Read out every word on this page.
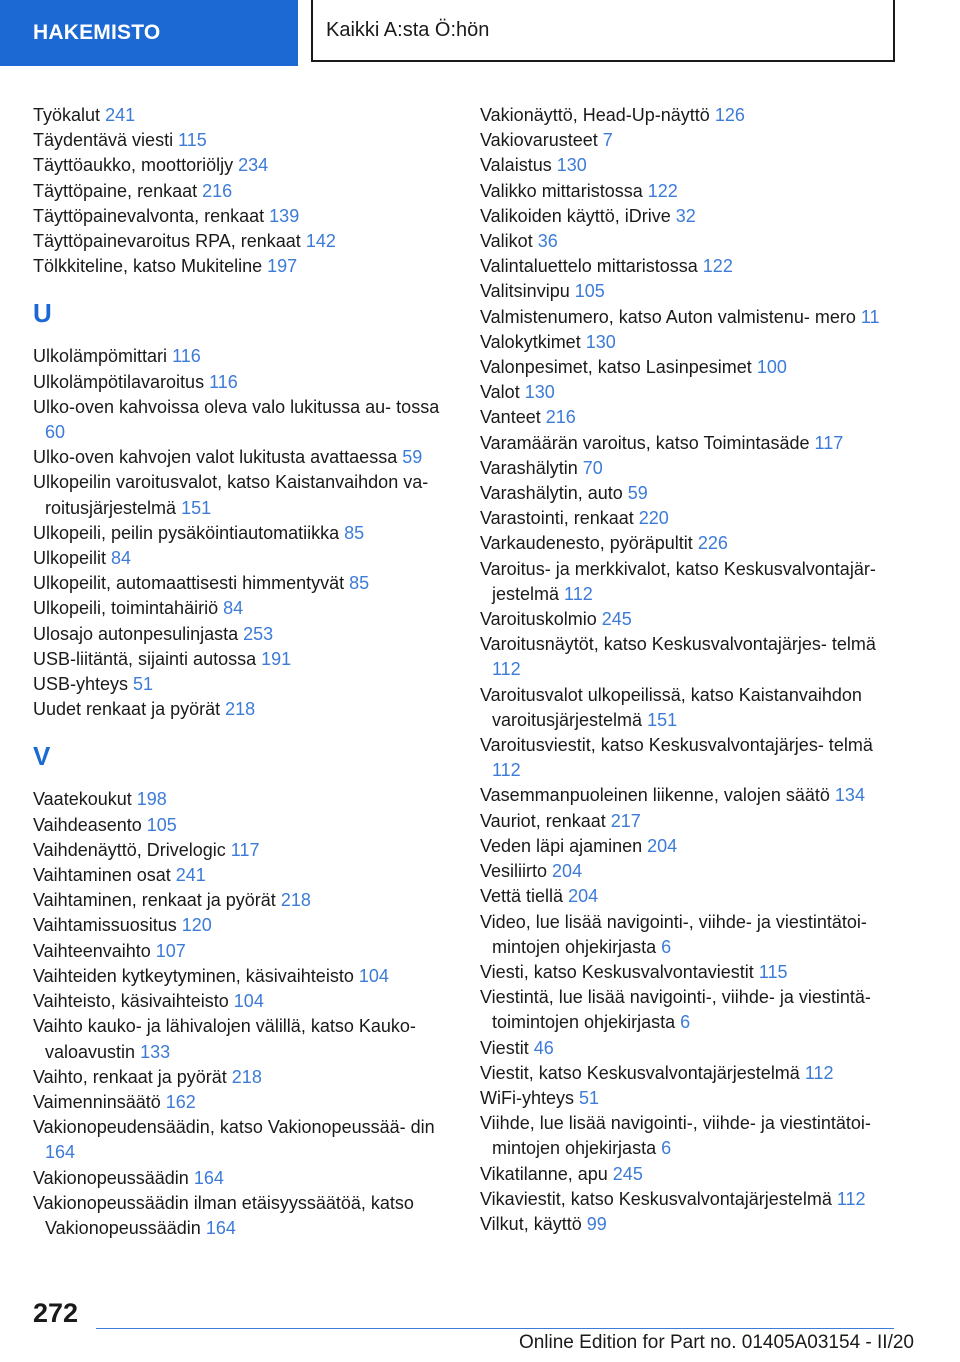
HAKEMISTO	Kaikki A:sta Ö:hön
Työkalut 241
Täydentävä viesti 115
Täyttöaukko, moottoriöljy 234
Täyttöpaine, renkaat 216
Täyttöpainevalvonta, renkaat 139
Täyttöpainevaroitus RPA, renkaat 142
Tölkkiteline, katso Mukiteline 197
U
Ulkolämpömittari 116
Ulkolämpötilavaroitus 116
Ulko‑oven kahvoissa oleva valo lukitussa au‑ tossa 60
Ulko‑oven kahvojen valot lukitusta avattaessa 59
Ulkopeilin varoitusvalot, katso Kaistanvaihdon va‑ roitusjärjestelmä 151
Ulkopeili, peilin pysäköintiautomatiikka 85
Ulkopeilit 84
Ulkopeilit, automaattisesti himmentyvät 85
Ulkopeili, toimintahäiriö 84
Ulosajo autonpesulinjasta 253
USB‑liitäntä, sijainti autossa 191
USB‑yhteys 51
Uudet renkaat ja pyörät 218
V
Vaatekoukut 198
Vaihdeasento 105
Vaihdenäyttö, Drivelogic 117
Vaihtaminen osat 241
Vaihtaminen, renkaat ja pyörät 218
Vaihtamissuositus 120
Vaihteenvaihto 107
Vaihteiden kytkeytyminen, käsivaihteisto 104
Vaihteisto, käsivaihteisto 104
Vaihto kauko‑ ja lähivalojen välillä, katso Kauko‑ valoavustin 133
Vaihto, renkaat ja pyörät 218
Vaimenninsäätö 162
Vakionopeudensäädin, katso Vakionopeussää‑ din 164
Vakionopeussäädin 164
Vakionopeussäädin ilman etäisyyssäätöä, katso Vakionopeussäädin 164
Vakionäyttö, Head‑Up‑näyttö 126
Vakiovarusteet 7
Valaistus 130
Valikko mittaristossa 122
Valikoiden käyttö, iDrive 32
Valikot 36
Valintaluettelo mittaristossa 122
Valitsinvipu 105
Valmistenumero, katso Auton valmistenu‑ mero 11
Valokytkimet 130
Valonpesimet, katso Lasinpesimet 100
Valot 130
Vanteet 216
Varamäärän varoitus, katso Toimintasäde 117
Varashälytin 70
Varashälytin, auto 59
Varastointi, renkaat 220
Varkaudenesto, pyöräpultit 226
Varoitus‑ ja merkkivalot, katso Keskusvalvontajär‑ jestelmä 112
Varoituskolmio 245
Varoitusnäytöt, katso Keskusvalvontajärjes‑ telmä 112
Varoitusvalot ulkopeilissä, katso Kaistanvaihdon varoitusjärjestelmä 151
Varoitusviestit, katso Keskusvalvontajärjes‑ telmä 112
Vasemmanpuoleinen liikenne, valojen säätö 134
Vauriot, renkaat 217
Veden läpi ajaminen 204
Vesiliirto 204
Vettä tiellä 204
Video, lue lisää navigointi‑, viihde‑ ja viestintätoi‑ mintojen ohjekirjasta 6
Viesti, katso Keskusvalvontaviestit 115
Viestintä, lue lisää navigointi‑, viihde‑ ja viestintä‑ toimintojen ohjekirjasta 6
Viestit 46
Viestit, katso Keskusvalvontajärjestelmä 112
WiFi‑yhteys 51
Viihde, lue lisää navigointi‑, viihde‑ ja viestintätoi‑ mintojen ohjekirjasta 6
Vikatilanne, apu 245
Vikaviestit, katso Keskusvalvontajärjestelmä 112
Vilkut, käyttö 99
272
Online Edition for Part no. 01405A03154 - II/20
